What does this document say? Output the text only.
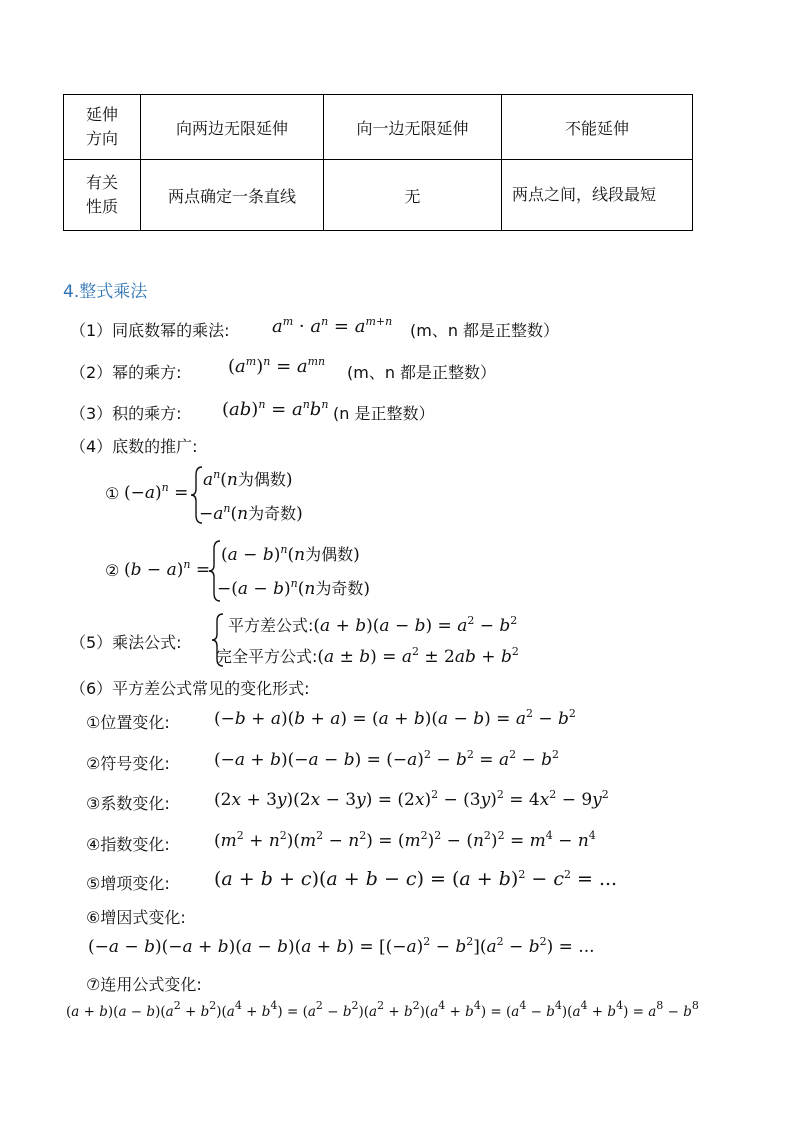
延伸
方向	向两边无限延伸	向一边无限延伸	不能延伸
有关
性质	两点确定一条直线	无	两点之间，线段最短
4.整式乘法
（1）同底数幂的乘法: $a^m \cdot a^n = a^{m+n}$ (m、n 都是正整数）
（2）幂的乘方:	$(a^m)^n = a^{mn}$
(m、n 都是正整数）
（3）积的乘方: $(ab)^n = a^nb^n$ (n 是正整数）
（4）底数的推广:
① $(-a)^n$ =
$a^n(n$为偶数)
$-a^n(n$为奇数)
② $(b - a)^n$ =
$(a - b)^n(n$为偶数)
$-(a - b)^n(n$为奇数)
（5）乘法公式:
平方差公式:(a + $b)(a - b) = a^2 - b^2$
完全平方公式:(a ± $b) = a^2 \pm 2ab + b^2$
（6）平方差公式常见的变化形式:
①位置变化:	$(-b + a)(b + a) = (a + b)(a - b) = a^2 - b^2$
②符号变化:	$(-a + b)(-a - b) = (-a)^2 - b^2 = a^2 - b^2$
③系数变化:	$(2x + 3y)(2x - 3y) = (2x)^2 - (3y)^2 = 4x^2 - 9y^2$
④指数变化:	$(m^2 + n^2)(m^2 - n^2) = (m^2)^2 - (n^2)^2 = m^4 - n^4$
⑤增项变化: $(a + b + c)(a + b - c) = (a + b)^2 - c^2$ = ...
⑥增因式变化:
$(-a - b)(-a + b)(a - b)(a + b) = [(-a)^2 - b^2](a^2 - b^2)$ = ...
⑦连用公式变化:
$(a + b)(a - b)(a^2 + b^2)(a^4 + b^4) = (a^2 - b^2)(a^2 + b^2)(a^4 + b^4) = (a^4 - b^4)(a^4 + b^4) = a^8 - b^8$
